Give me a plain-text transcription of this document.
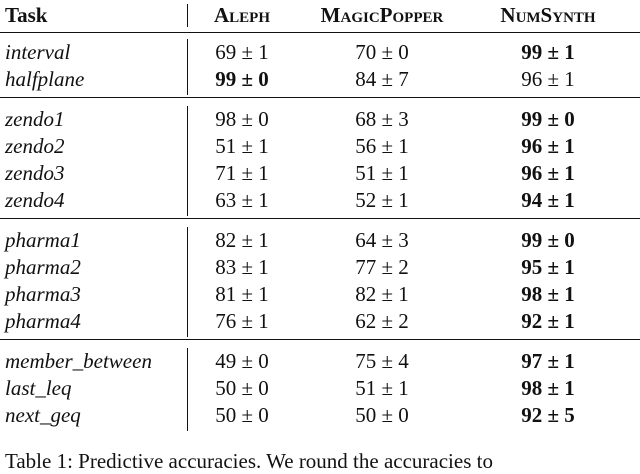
Task	Aleph	MagicPopper	NumSynth
interval	69 ± 1	70 ± 0	99 ± 1
halfplane	99 ± 0	84 ± 7	96 ± 1
zendo1	98 ± 0	68 ± 3	99 ± 0
zendo2	51 ± 1	56 ± 1	96 ± 1
zendo3	71 ± 1	51 ± 1	96 ± 1
zendo4	63 ± 1	52 ± 1	94 ± 1
pharma1	82 ± 1	64 ± 3	99 ± 0
pharma2	83 ± 1	77 ± 2	95 ± 1
pharma3	81 ± 1	82 ± 1	98 ± 1
pharma4	76 ± 1	62 ± 2	92 ± 1
member_between	49 ± 0	75 ± 4	97 ± 1
last_leq	50 ± 0	51 ± 1	98 ± 1
next_geq	50 ± 0	50 ± 0	92 ± 5
Table 1: Predictive accuracies. We round the accuracies to
